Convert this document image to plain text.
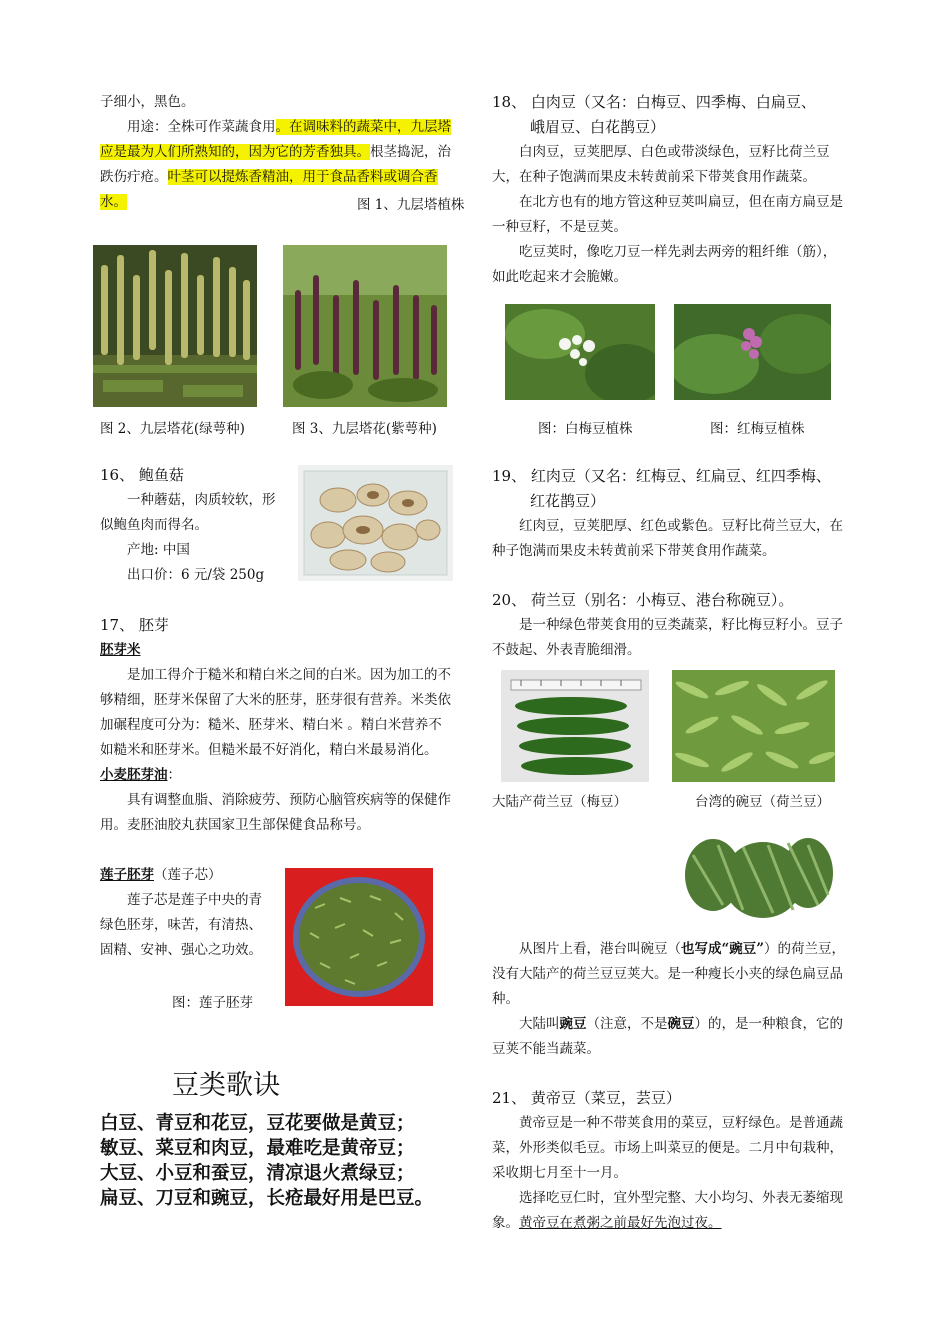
子细小，黑色。

用途：全株可作菜蔬食用。在调味料的蔬菜中，九层塔应是最为人们所熟知的，因为它的芳香独具。根茎捣泥，治跌伤疔疮。叶茎可以提炼香精油，用于食品香料或调合香水。	图 1、九层塔植株
图 2、九层塔花(绿萼种)	图 3、九层塔花(紫萼种)

16、 鲍鱼菇

一种蘑菇，肉质较软，形似鲍鱼肉而得名。

产地: 中国

出口价：6 元/袋 250g

17、 胚芽

胚芽米

是加工得介于糙米和精白米之间的白米。因为加工的不够精细，胚芽米保留了大米的胚芽，胚芽很有营养。米类依加碾程度可分为：糙米、胚芽米、精白米 。精白米营养不如糙米和胚芽米。但糙米最不好消化，精白米最易消化。

小麦胚芽油：

具有调整血脂、消除疲劳、预防心脑管疾病等的保健作用。麦胚油胶丸获国家卫生部保健食品称号。

莲子胚芽（莲子芯）

莲子芯是莲子中央的青绿色胚芽，味苦，有清热、固精、安神、强心之功效。

图：莲子胚芽
豆类歌诀
白豆、青豆和花豆，豆花要做是黄豆；
敏豆、菜豆和肉豆，最难吃是黄帝豆；
大豆、小豆和蚕豆，清凉退火煮绿豆；
扁豆、刀豆和豌豆，长疮最好用是巴豆。

18、 白肉豆（又名：白梅豆、四季梅、白扁豆、

峨眉豆、白花鹊豆）

白肉豆，豆荚肥厚、白色或带淡绿色，豆籽比荷兰豆大，在种子饱满而果皮未转黄前采下带荚食用作蔬菜。

在北方也有的地方管这种豆荚叫扁豆，但在南方扁豆是一种豆籽，不是豆荚。

吃豆荚时，像吃刀豆一样先剥去两旁的粗纤维（筋），如此吃起来才会脆嫩。

图：白梅豆植株	图：红梅豆植株

19、 红肉豆（又名：红梅豆、红扁豆、红四季梅、

红花鹊豆）

红肉豆，豆荚肥厚、红色或紫色。豆籽比荷兰豆大，在种子饱满而果皮未转黄前采下带荚食用作蔬菜。

20、 荷兰豆（别名：小梅豆、港台称碗豆）。

是一种绿色带荚食用的豆类蔬菜，籽比梅豆籽小。豆子不鼓起、外表青脆细滑。

大陆产荷兰豆（梅豆）	台湾的碗豆（荷兰豆）

从图片上看，港台叫碗豆（也写成“豌豆”）的荷兰豆，没有大陆产的荷兰豆豆荚大。是一种瘦长小夹的绿色扁豆品种。

大陆叫豌豆（注意，不是碗豆）的，是一种粮食，它的豆荚不能当蔬菜。

21、 黄帝豆（菜豆，芸豆）

黄帝豆是一种不带荚食用的菜豆，豆籽绿色。是普通蔬菜，外形类似毛豆。市场上叫菜豆的便是。二月中旬栽种，采收期七月至十一月。

选择吃豆仁时，宜外型完整、大小均匀、外表无萎缩现象。黄帝豆在煮粥之前最好先泡过夜。
